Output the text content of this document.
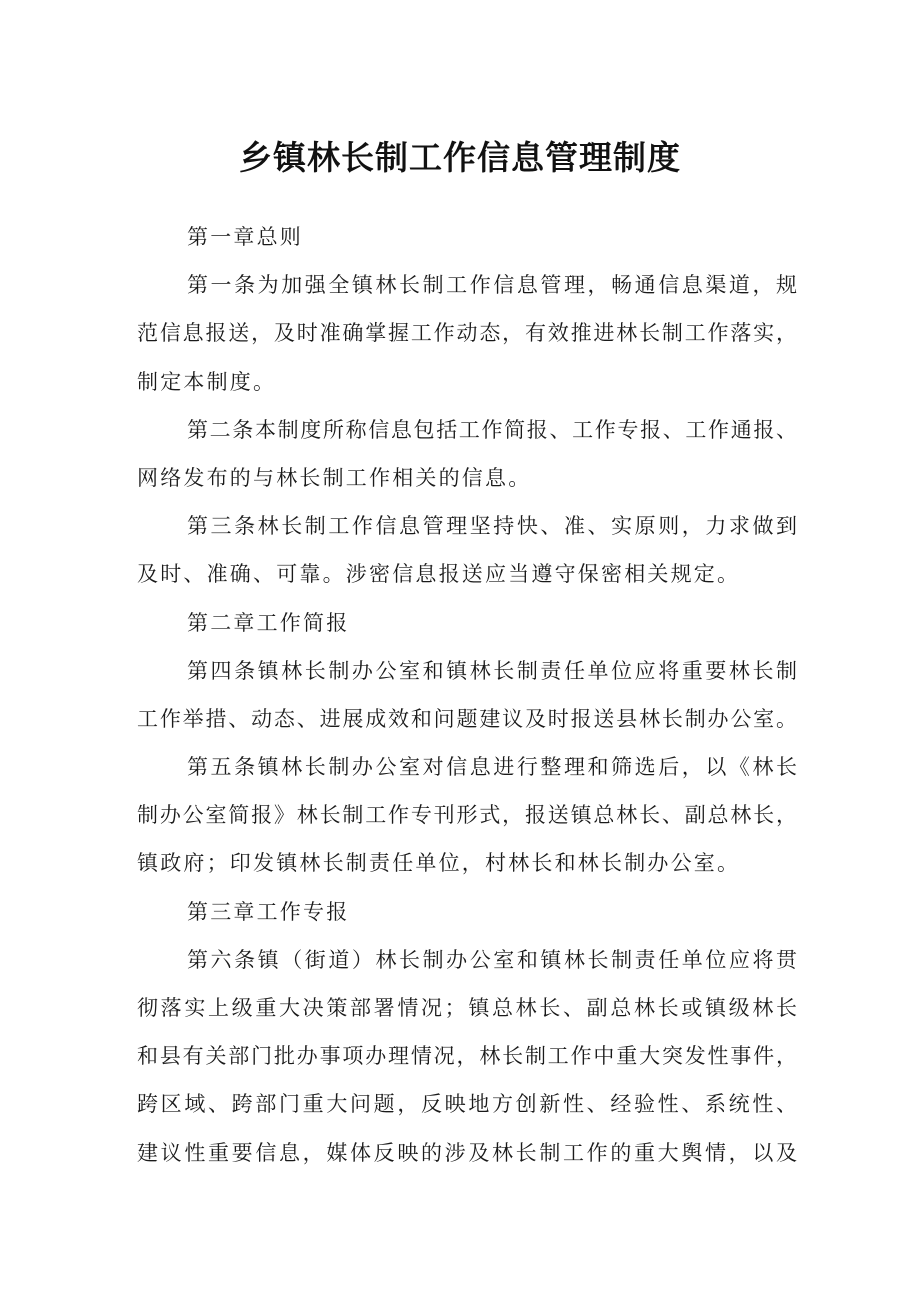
乡镇林长制工作信息管理制度
第一章总则
第一条为加强全镇林长制工作信息管理，畅通信息渠道，规
范信息报送，及时准确掌握工作动态，有效推进林长制工作落实，
制定本制度。
第二条本制度所称信息包括工作简报、工作专报、工作通报、
网络发布的与林长制工作相关的信息。
第三条林长制工作信息管理坚持快、准、实原则，力求做到
及时、准确、可靠。涉密信息报送应当遵守保密相关规定。
第二章工作简报
第四条镇林长制办公室和镇林长制责任单位应将重要林长制
工作举措、动态、进展成效和问题建议及时报送县林长制办公室。
第五条镇林长制办公室对信息进行整理和筛选后，以《林长
制办公室简报》林长制工作专刊形式，报送镇总林长、副总林长，
镇政府；印发镇林长制责任单位，村林长和林长制办公室。
第三章工作专报
第六条镇（街道）林长制办公室和镇林长制责任单位应将贯
彻落实上级重大决策部署情况；镇总林长、副总林长或镇级林长
和县有关部门批办事项办理情况，林长制工作中重大突发性事件，
跨区域、跨部门重大问题，反映地方创新性、经验性、系统性、
建议性重要信息，媒体反映的涉及林长制工作的重大舆情，以及
